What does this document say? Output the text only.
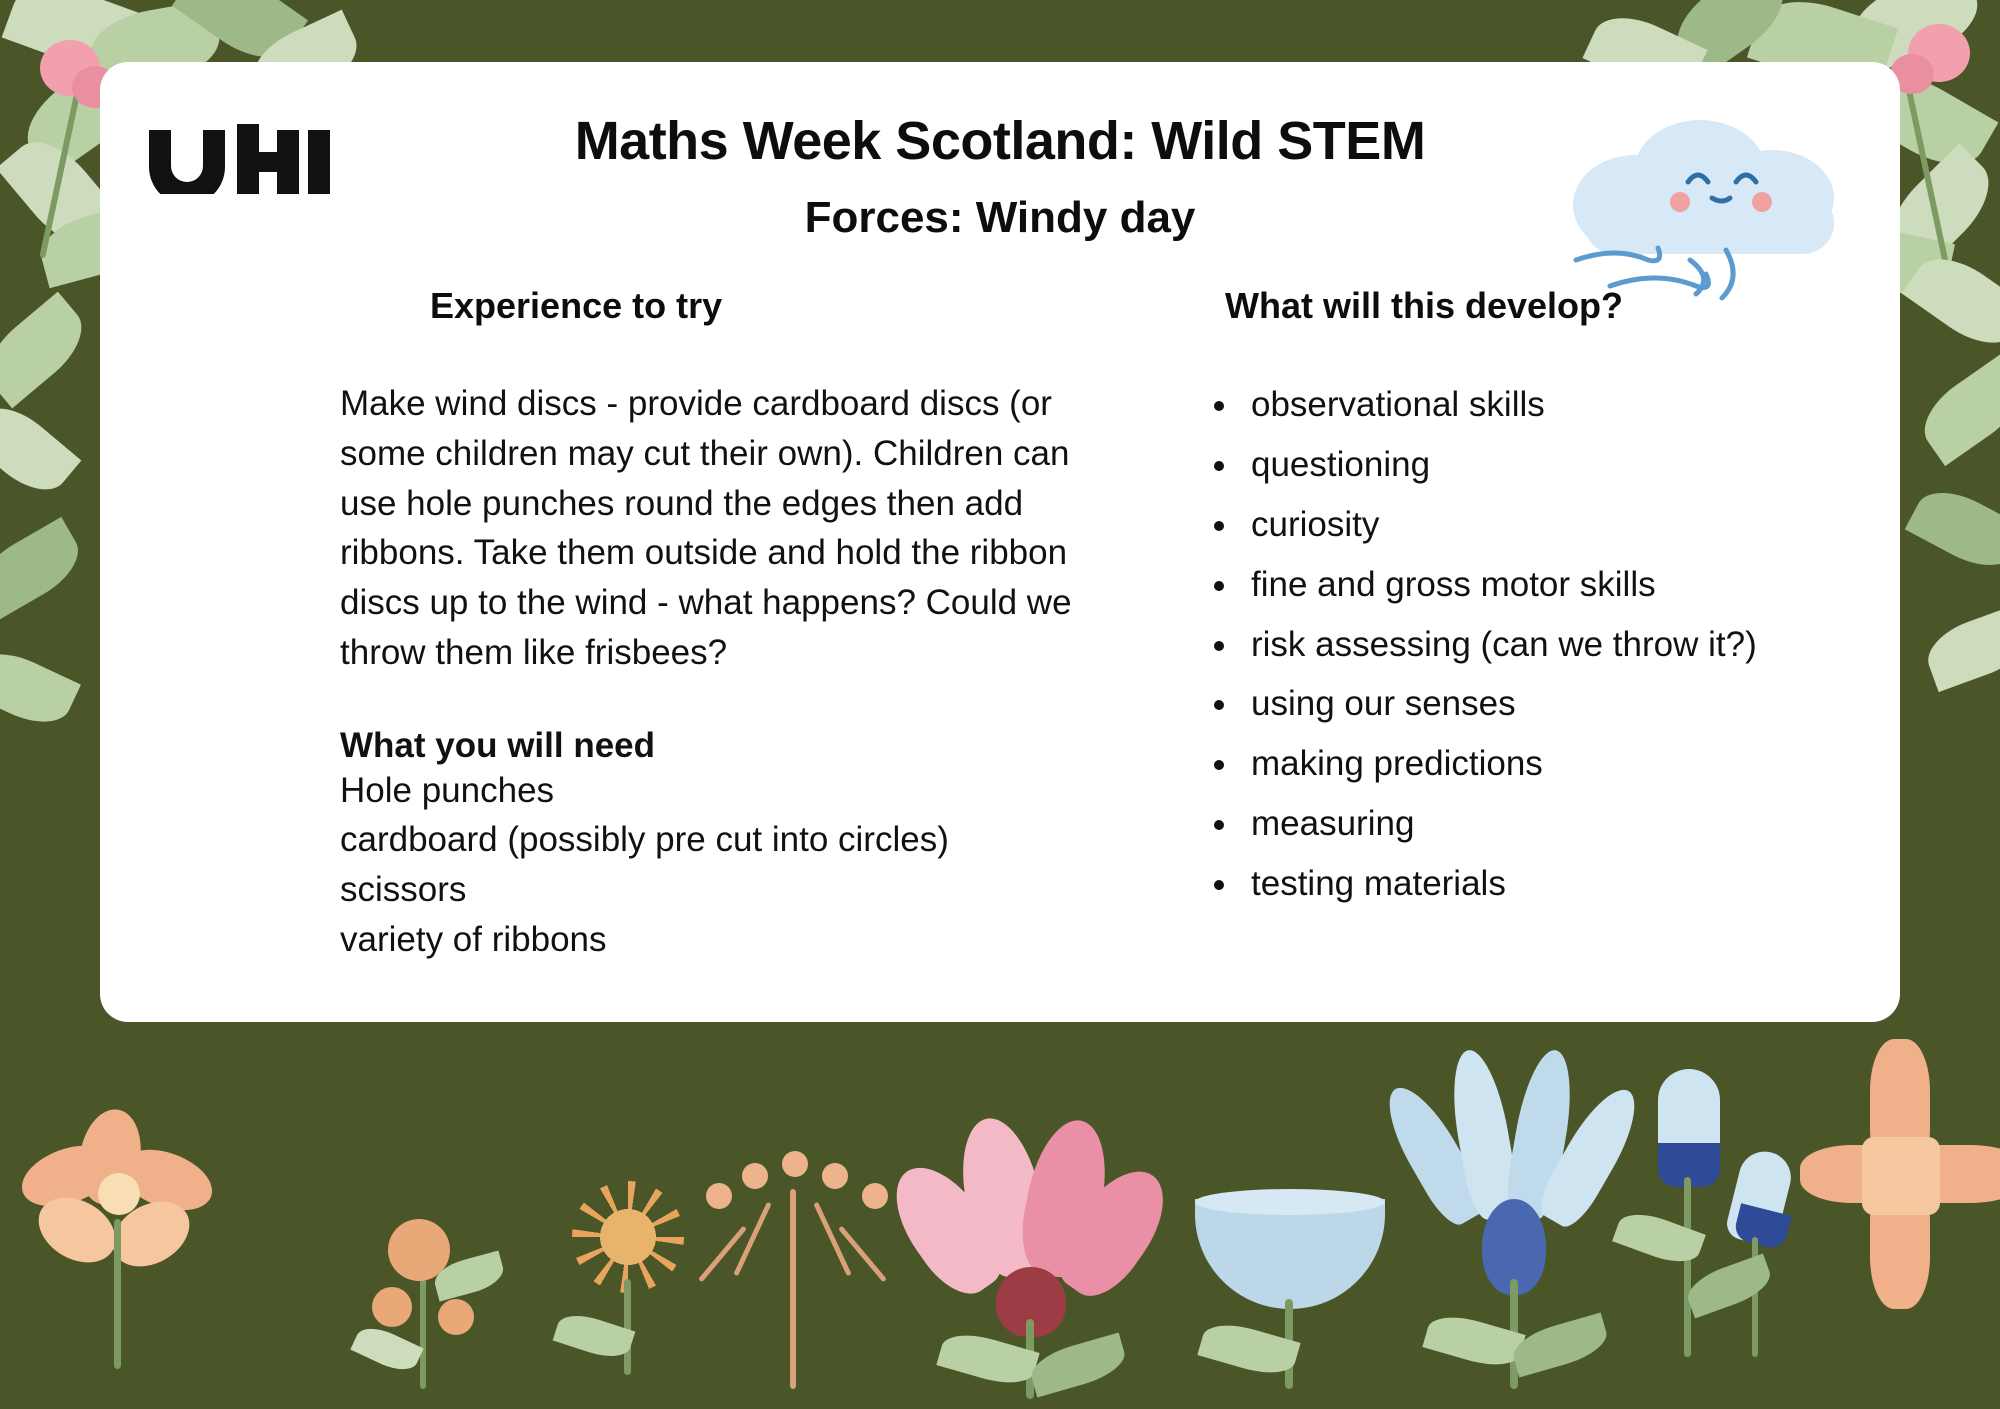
Maths Week Scotland: Wild STEM
Forces: Windy day
Experience to try
Make wind discs - provide cardboard discs (or some children may cut their own). Children can use hole punches round the edges then add ribbons. Take them outside and hold the ribbon discs up to the wind - what happens? Could we throw them like frisbees?
What you will need
Hole punches
cardboard (possibly pre cut into circles)
scissors
variety of ribbons
What will this develop?
• observational skills
• questioning
• curiosity
• fine and gross motor skills
• risk assessing (can we throw it?)
• using our senses
• making predictions
• measuring
• testing materials
